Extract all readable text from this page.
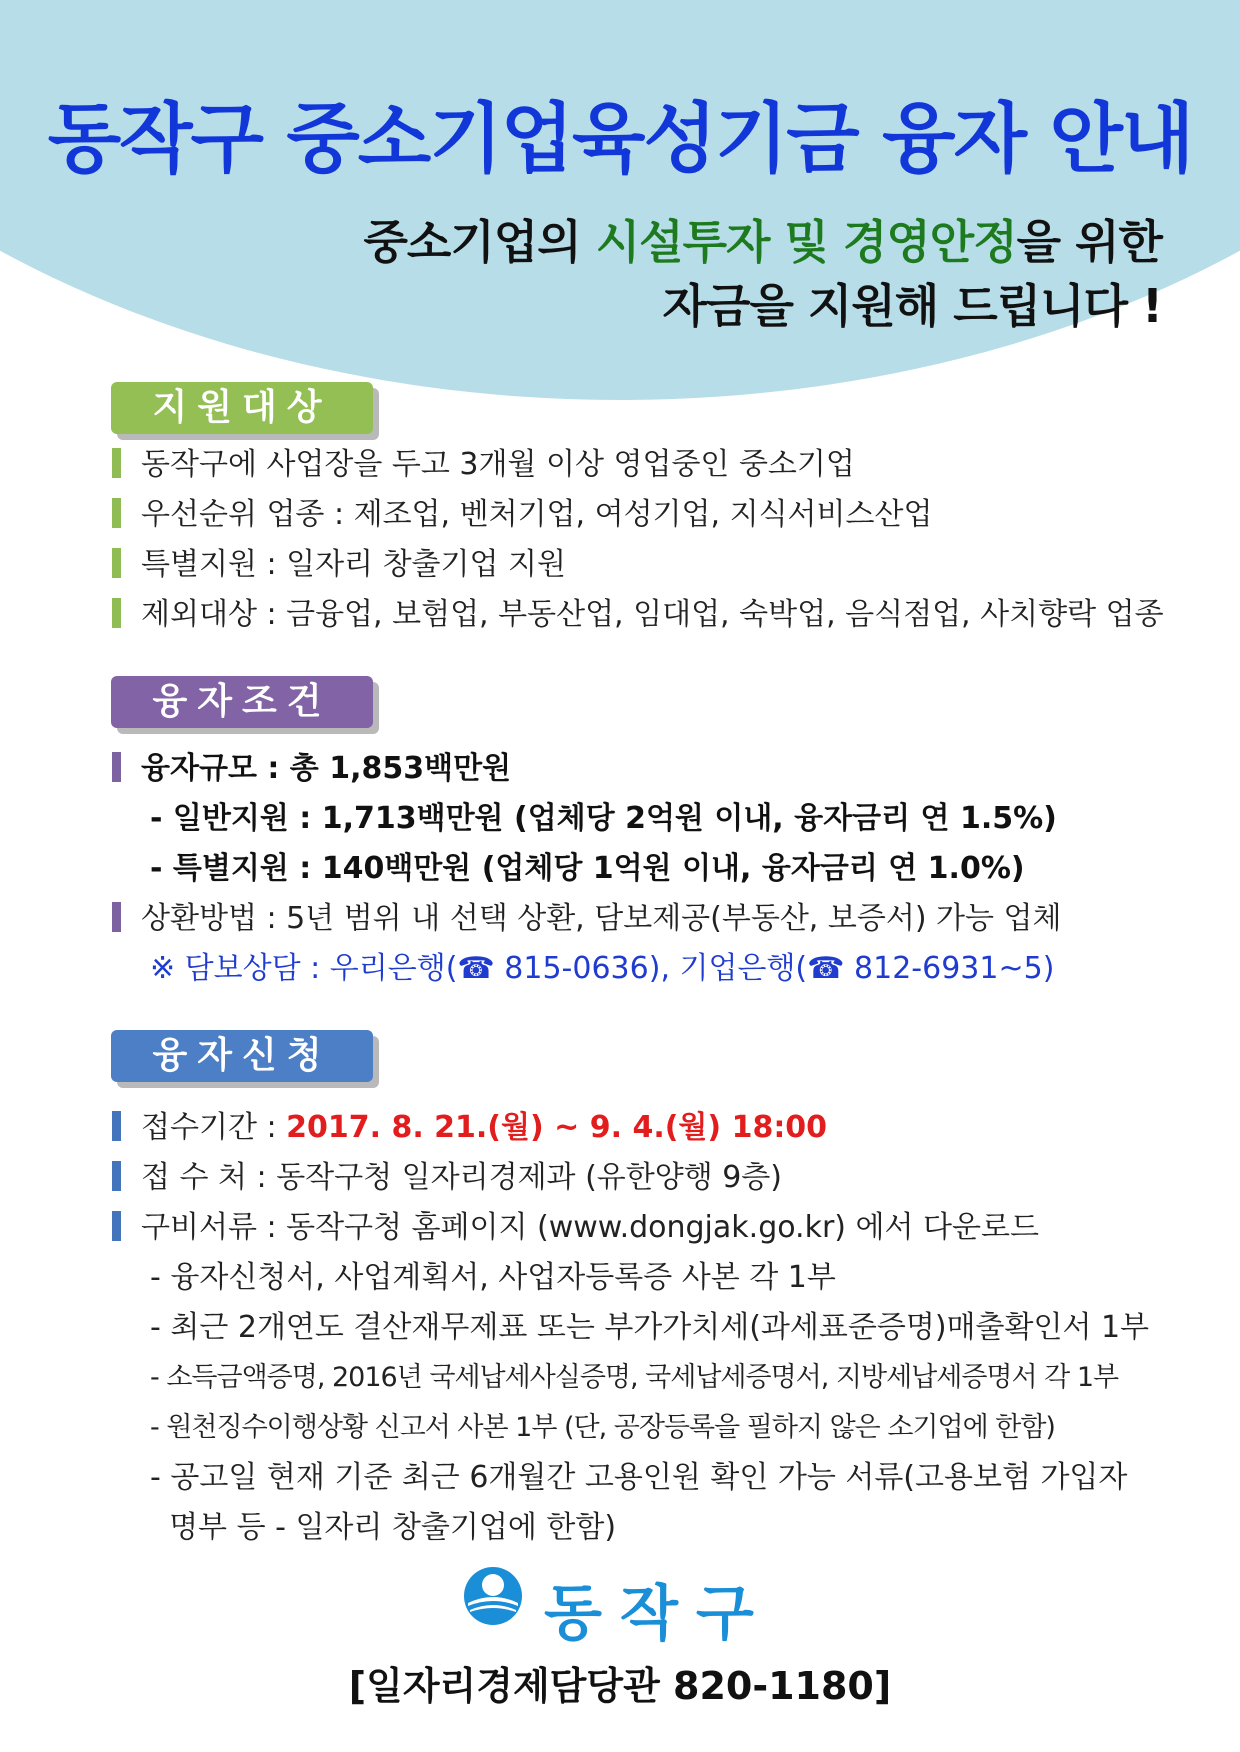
동작구 중소기업육성기금 융자 안내
중소기업의 시설투자 및 경영안정을 위한
자금을 지원해 드립니다 !
지원대상
동작구에 사업장을 두고 3개월 이상 영업중인 중소기업
우선순위 업종 : 제조업, 벤처기업, 여성기업, 지식서비스산업
특별지원 : 일자리 창출기업 지원
제외대상 : 금융업, 보험업, 부동산업, 임대업, 숙박업, 음식점업, 사치향락 업종
융자조건
융자규모 : 총 1,853백만원
- 일반지원 : 1,713백만원 (업체당 2억원 이내, 융자금리 연 1.5%)
- 특별지원 : 140백만원 (업체당 1억원 이내, 융자금리 연 1.0%)
상환방법 : 5년 범위 내 선택 상환, 담보제공(부동산, 보증서) 가능 업체
※ 담보상담 : 우리은행(☎ 815-0636), 기업은행(☎ 812-6931~5)
융자신청
접수기간 : 2017. 8. 21.(월) ~ 9. 4.(월) 18:00
접 수 처 : 동작구청 일자리경제과 (유한양행 9층)
구비서류 : 동작구청 홈페이지 (www.dongjak.go.kr) 에서 다운로드
- 융자신청서, 사업계획서, 사업자등록증 사본 각 1부
- 최근 2개연도 결산재무제표 또는 부가가치세(과세표준증명)매출확인서 1부
- 소득금액증명, 2016년 국세납세사실증명, 국세납세증명서, 지방세납세증명서 각 1부
- 원천징수이행상황 신고서 사본 1부 (단, 공장등록을 필하지 않은 소기업에 한함)
- 공고일 현재 기준 최근 6개월간 고용인원 확인 가능 서류(고용보험 가입자
명부 등 - 일자리 창출기업에 한함)
동작구
[일자리경제담당관 820-1180]
